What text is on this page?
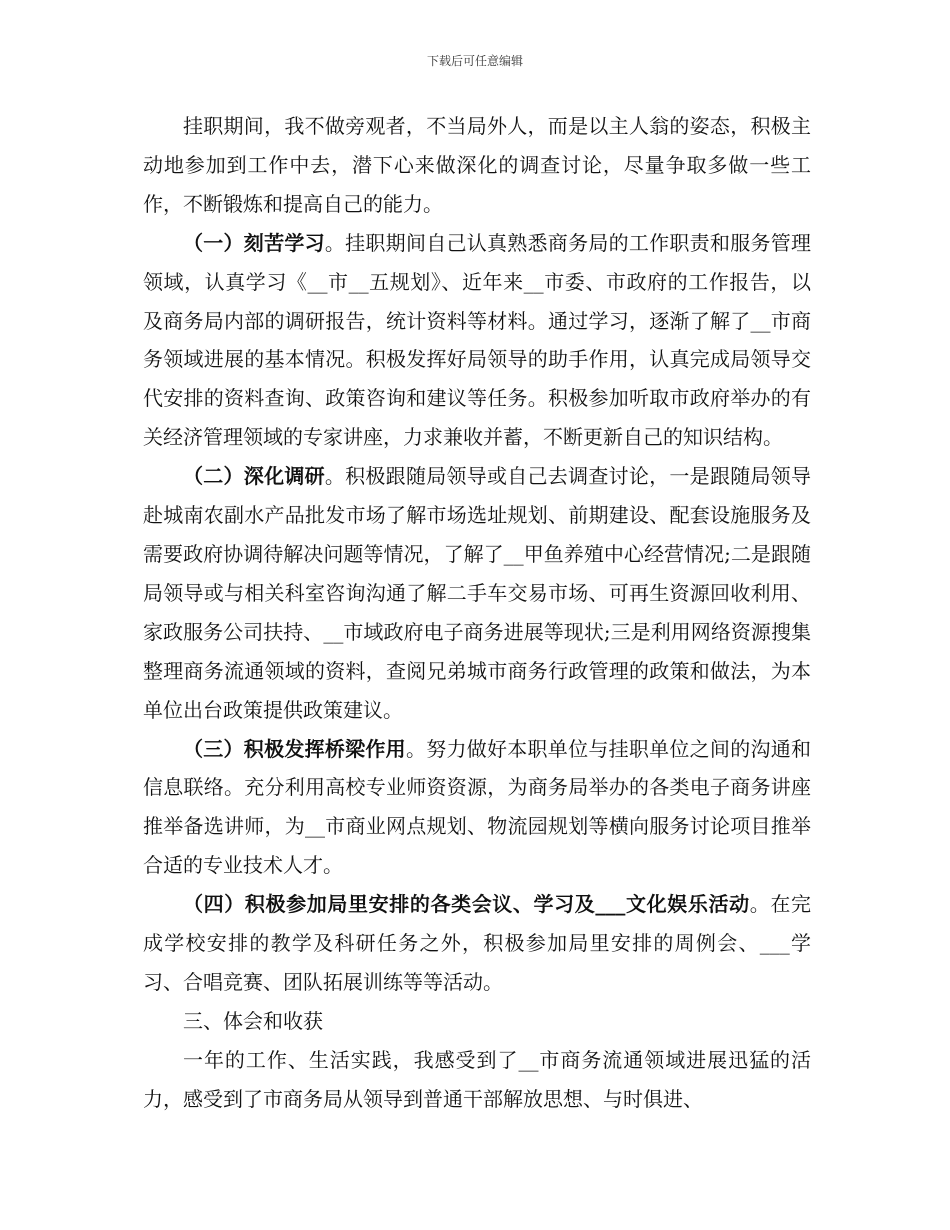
下载后可任意编辑

挂职期间，我不做旁观者，不当局外人，而是以主人翁的姿态，积极主动地参加到工作中去，潜下心来做深化的调查讨论，尽量争取多做一些工作，不断锻炼和提高自己的能力。

（一）刻苦学习。挂职期间自己认真熟悉商务局的工作职责和服务管理领域，认真学习《__市__五规划》、近年来__市委、市政府的工作报告，以及商务局内部的调研报告，统计资料等材料。通过学习，逐渐了解了__市商务领域进展的基本情况。积极发挥好局领导的助手作用，认真完成局领导交代安排的资料查询、政策咨询和建议等任务。积极参加听取市政府举办的有关经济管理领域的专家讲座，力求兼收并蓄，不断更新自己的知识结构。

（二）深化调研。积极跟随局领导或自己去调查讨论，一是跟随局领导赴城南农副水产品批发市场了解市场选址规划、前期建设、配套设施服务及需要政府协调待解决问题等情况，了解了__甲鱼养殖中心经营情况;二是跟随局领导或与相关科室咨询沟通了解二手车交易市场、可再生资源回收利用、家政服务公司扶持、__市域政府电子商务进展等现状;三是利用网络资源搜集整理商务流通领域的资料，查阅兄弟城市商务行政管理的政策和做法，为本单位出台政策提供政策建议。

（三）积极发挥桥梁作用。努力做好本职单位与挂职单位之间的沟通和信息联络。充分利用高校专业师资资源，为商务局举办的各类电子商务讲座推举备选讲师，为__市商业网点规划、物流园规划等横向服务讨论项目推举合适的专业技术人才。

（四）积极参加局里安排的各类会议、学习及___文化娱乐活动。在完成学校安排的教学及科研任务之外，积极参加局里安排的周例会、___学习、合唱竞赛、团队拓展训练等等活动。

三、体会和收获

一年的工作、生活实践，我感受到了__市商务流通领域进展迅猛的活力，感受到了市商务局从领导到普通干部解放思想、与时俱进、
